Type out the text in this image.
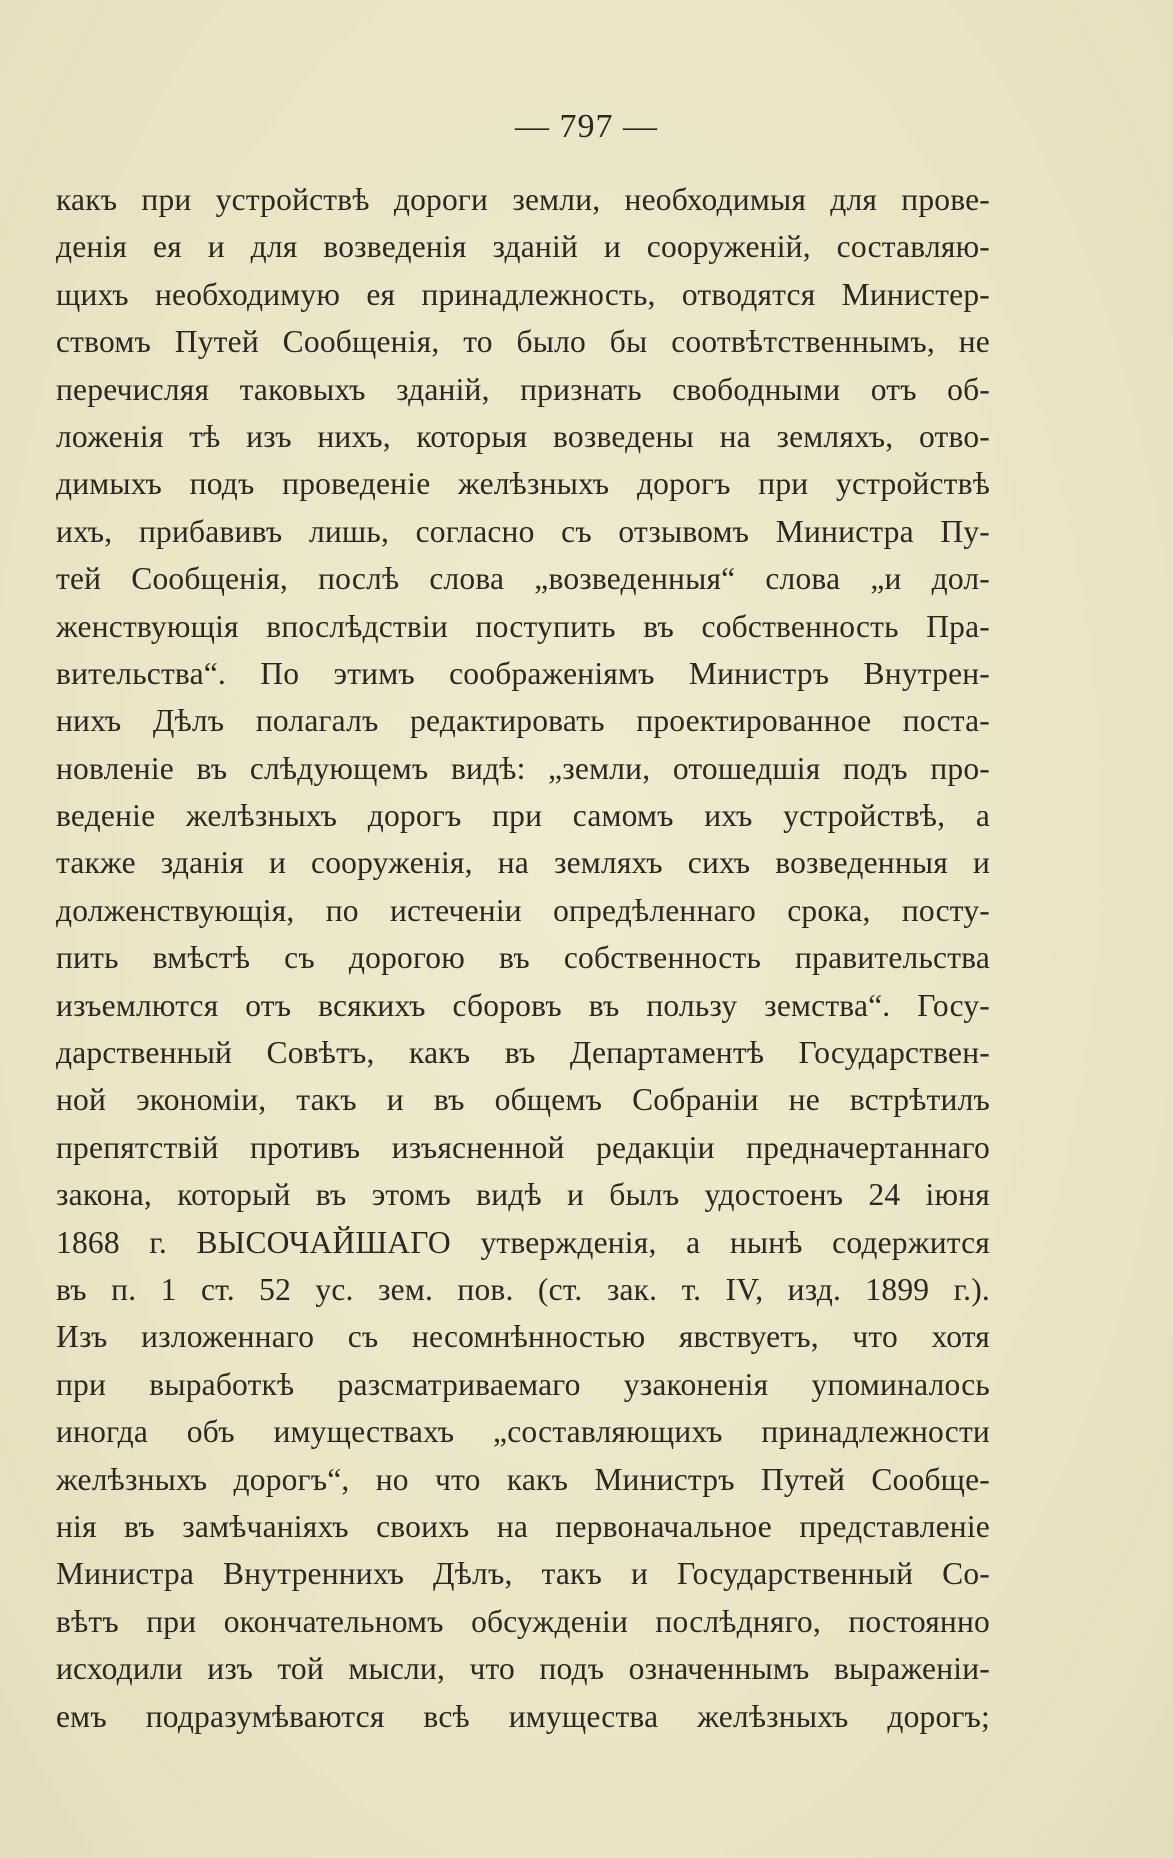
— 797 —
какъ при устройствѣ дороги земли, необходимыя для прове-
денія ея и для возведенія зданій и сооруженій, составляю-
щихъ необходимую ея принадлежность, отводятся Министер-
ствомъ Путей Сообщенія, то было бы соотвѣтственнымъ, не
перечисляя таковыхъ зданій, признать свободными отъ об-
ложенія тѣ изъ нихъ, которыя возведены на земляхъ, отво-
димыхъ подъ проведеніе желѣзныхъ дорогъ при устройствѣ
ихъ, прибавивъ лишь, согласно съ отзывомъ Министра Пу-
тей Сообщенія, послѣ слова „возведенныя“ слова „и дол-
женствующія впослѣдствіи поступить въ собственность Пра-
вительства“. По этимъ соображеніямъ Министръ Внутрен-
нихъ Дѣлъ полагалъ редактировать проектированное поста-
новленіе въ слѣдующемъ видѣ: „земли, отошедшія подъ про-
веденіе желѣзныхъ дорогъ при самомъ ихъ устройствѣ, а
также зданія и сооруженія, на земляхъ сихъ возведенныя и
долженствующія, по истеченіи опредѣленнаго срока, посту-
пить вмѣстѣ съ дорогою въ собственность правительства
изъемлются отъ всякихъ сборовъ въ пользу земства“. Госу-
дарственный Совѣтъ, какъ въ Департаментѣ Государствен-
ной экономіи, такъ и въ общемъ Собраніи не встрѣтилъ
препятствій противъ изъясненной редакціи предначертаннаго
закона, который въ этомъ видѣ и былъ удостоенъ 24 іюня
1868 г. ВЫСОЧАЙШАГО утвержденія, а нынѣ содержится
въ п. 1 ст. 52 ус. зем. пов. (ст. зак. т. IV, изд. 1899 г.).
Изъ изложеннаго съ несомнѣнностью явствуетъ, что хотя
при выработкѣ разсматриваемаго узаконенія упоминалось
иногда объ имуществахъ „составляющихъ принадлежности
желѣзныхъ дорогъ“, но что какъ Министръ Путей Сообще-
нія въ замѣчаніяхъ своихъ на первоначальное представленіе
Министра Внутреннихъ Дѣлъ, такъ и Государственный Со-
вѣтъ при окончательномъ обсужденіи послѣдняго, постоянно
исходили изъ той мысли, что подъ означеннымъ выраженіи-
емъ подразумѣваются всѣ имущества желѣзныхъ дорогъ;
